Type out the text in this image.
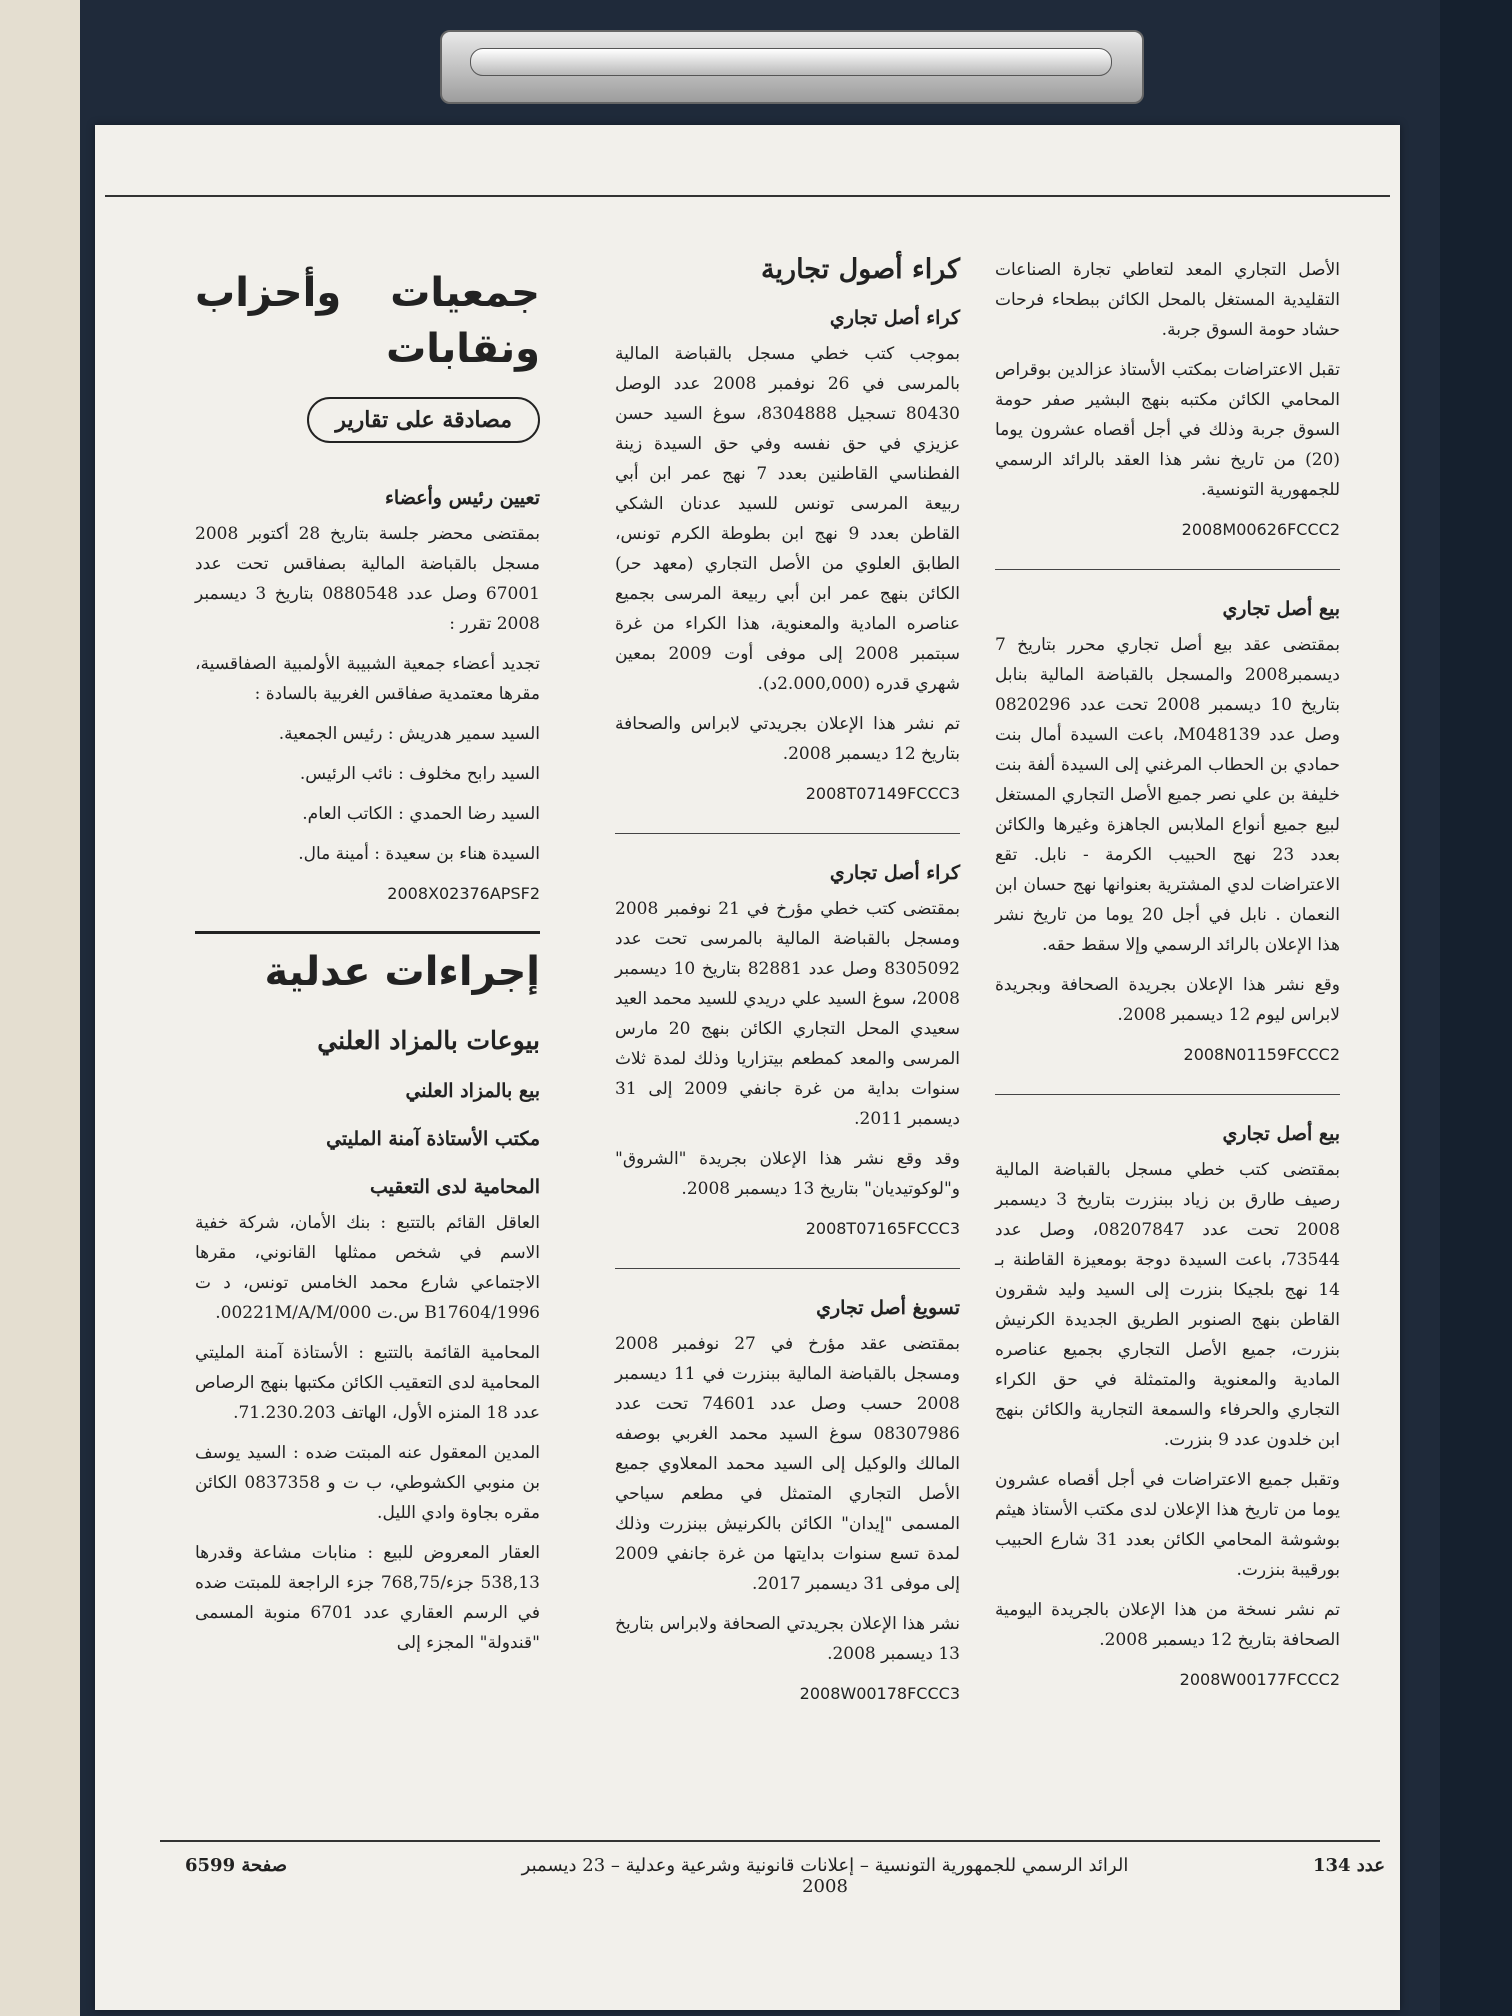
الأصل التجاري المعد لتعاطي تجارة الصناعات التقليدية المستغل بالمحل الكائن ببطحاء فرحات حشاد حومة السوق جربة.

تقبل الاعتراضات بمكتب الأستاذ عزالدين بوقراص المحامي الكائن مكتبه بنهج البشير صفر حومة السوق جربة وذلك في أجل أقصاه عشرون يوما (20) من تاريخ نشر هذا العقد بالرائد الرسمي للجمهورية التونسية.

2008M00626FCCC2
بيع أصل تجاري

بمقتضى عقد بيع أصل تجاري محرر بتاريخ 7 ديسمبر2008 والمسجل بالقباضة المالية بنابل بتاريخ 10 ديسمبر 2008 تحت عدد 0820296 وصل عدد M048139، باعت السيدة أمال بنت حمادي بن الحطاب المرغني إلى السيدة ألفة بنت خليفة بن علي نصر جميع الأصل التجاري المستغل لبيع جميع أنواع الملابس الجاهزة وغيرها والكائن بعدد 23 نهج الحبيب الكرمة - نابل. تقع الاعتراضات لدي المشترية بعنوانها نهج حسان ابن النعمان . نابل في أجل 20 يوما من تاريخ نشر هذا الإعلان بالرائد الرسمي وإلا سقط حقه.

وقع نشر هذا الإعلان بجريدة الصحافة وبجريدة لابراس ليوم 12 ديسمبر 2008.

2008N01159FCCC2
بيع أصل تجاري

بمقتضى كتب خطي مسجل بالقباضة المالية رصيف طارق بن زياد ببنزرت بتاريخ 3 ديسمبر 2008 تحت عدد 08207847، وصل عدد 73544، باعت السيدة دوجة بومعيزة القاطنة بـ 14 نهج بلجيكا بنزرت إلى السيد وليد شقرون القاطن بنهج الصنوبر الطريق الجديدة الكرنيش بنزرت، جميع الأصل التجاري بجميع عناصره المادية والمعنوية والمتمثلة في حق الكراء التجاري والحرفاء والسمعة التجارية والكائن بنهج ابن خلدون عدد 9 بنزرت.

وتقبل جميع الاعتراضات في أجل أقصاه عشرون يوما من تاريخ هذا الإعلان لدى مكتب الأستاذ هيثم بوشوشة المحامي الكائن بعدد 31 شارع الحبيب بورقيبة بنزرت.

تم نشر نسخة من هذا الإعلان بالجريدة اليومية الصحافة بتاريخ 12 ديسمبر 2008.

2008W00177FCCC2
كراء أصول تجارية
كراء أصل تجاري

بموجب كتب خطي مسجل بالقباضة المالية بالمرسى في 26 نوفمبر 2008 عدد الوصل 80430 تسجيل 8304888، سوغ السيد حسن عزيزي في حق نفسه وفي حق السيدة زينة الفطناسي القاطنين بعدد 7 نهج عمر ابن أبي ربيعة المرسى تونس للسيد عدنان الشكي القاطن بعدد 9 نهج ابن بطوطة الكرم تونس، الطابق العلوي من الأصل التجاري (معهد حر) الكائن بنهج عمر ابن أبي ربيعة المرسى بجميع عناصره المادية والمعنوية، هذا الكراء من غرة سبتمبر 2008 إلى موفى أوت 2009 بمعين شهري قدره (2.000,000د).

تم نشر هذا الإعلان بجريدتي لابراس والصحافة بتاريخ 12 ديسمبر 2008.

2008T07149FCCC3
كراء أصل تجاري

بمقتضى كتب خطي مؤرخ في 21 نوفمبر 2008 ومسجل بالقباضة المالية بالمرسى تحت عدد 8305092 وصل عدد 82881 بتاريخ 10 ديسمبر 2008، سوغ السيد علي دريدي للسيد محمد العيد سعيدي المحل التجاري الكائن بنهج 20 مارس المرسى والمعد كمطعم بيتزاريا وذلك لمدة ثلاث سنوات بداية من غرة جانفي 2009 إلى 31 ديسمبر 2011.

وقد وقع نشر هذا الإعلان بجريدة "الشروق" و"لوكوتيديان" بتاريخ 13 ديسمبر 2008.

2008T07165FCCC3
تسويغ أصل تجاري

بمقتضى عقد مؤرخ في 27 نوفمبر 2008 ومسجل بالقباضة المالية ببنزرت في 11 ديسمبر 2008 حسب وصل عدد 74601 تحت عدد 08307986 سوغ السيد محمد الغربي بوصفه المالك والوكيل إلى السيد محمد المعلاوي جميع الأصل التجاري المتمثل في مطعم سياحي المسمى "إيدان" الكائن بالكرنيش ببنزرت وذلك لمدة تسع سنوات بدايتها من غرة جانفي 2009 إلى موفى 31 ديسمبر 2017.

نشر هذا الإعلان بجريدتي الصحافة ولابراس بتاريخ 13 ديسمبر 2008.

2008W00178FCCC3
جمعيات وأحزاب ونقابات
مصادقة على تقارير
تعيين رئيس وأعضاء

بمقتضى محضر جلسة بتاريخ 28 أكتوبر 2008 مسجل بالقباضة المالية بصفاقس تحت عدد 67001 وصل عدد 0880548 بتاريخ 3 ديسمبر 2008 تقرر :

تجديد أعضاء جمعية الشبيبة الأولمبية الصفاقسية، مقرها معتمدية صفاقس الغربية بالسادة :

السيد سمير هدريش : رئيس الجمعية.

السيد رابح مخلوف : نائب الرئيس.

السيد رضا الحمدي : الكاتب العام.

السيدة هناء بن سعيدة : أمينة مال.

2008X02376APSF2
إجراءات عدلية
بيوعات بالمزاد العلني
بيع بالمزاد العلني
مكتب الأستاذة آمنة المليتي
المحامية لدى التعقيب

العاقل القائم بالتتبع : بنك الأمان، شركة خفية الاسم في شخص ممثلها القانوني، مقرها الاجتماعي شارع محمد الخامس تونس، د ت B17604/1996 س.ت 00221M/A/M/000.

المحامية القائمة بالتتبع : الأستاذة آمنة المليتي المحامية لدى التعقيب الكائن مكتبها بنهج الرصاص عدد 18 المنزه الأول، الهاتف 71.230.203.

المدين المعقول عنه المبتت ضده : السيد يوسف بن منوبي الكشوطي، ب ت و 0837358 الكائن مقره بجاوة وادي الليل.

العقار المعروض للبيع : منابات مشاعة وقدرها 538,13 جزء/768,75 جزء الراجعة للمبتت ضده في الرسم العقاري عدد 6701 منوبة المسمى "قندولة" المجزء إلى

صفحة 6599	الرائد الرسمي للجمهورية التونسية – إعلانات قانونية وشرعية وعدلية – 23 ديسمبر 2008
عدد 134
